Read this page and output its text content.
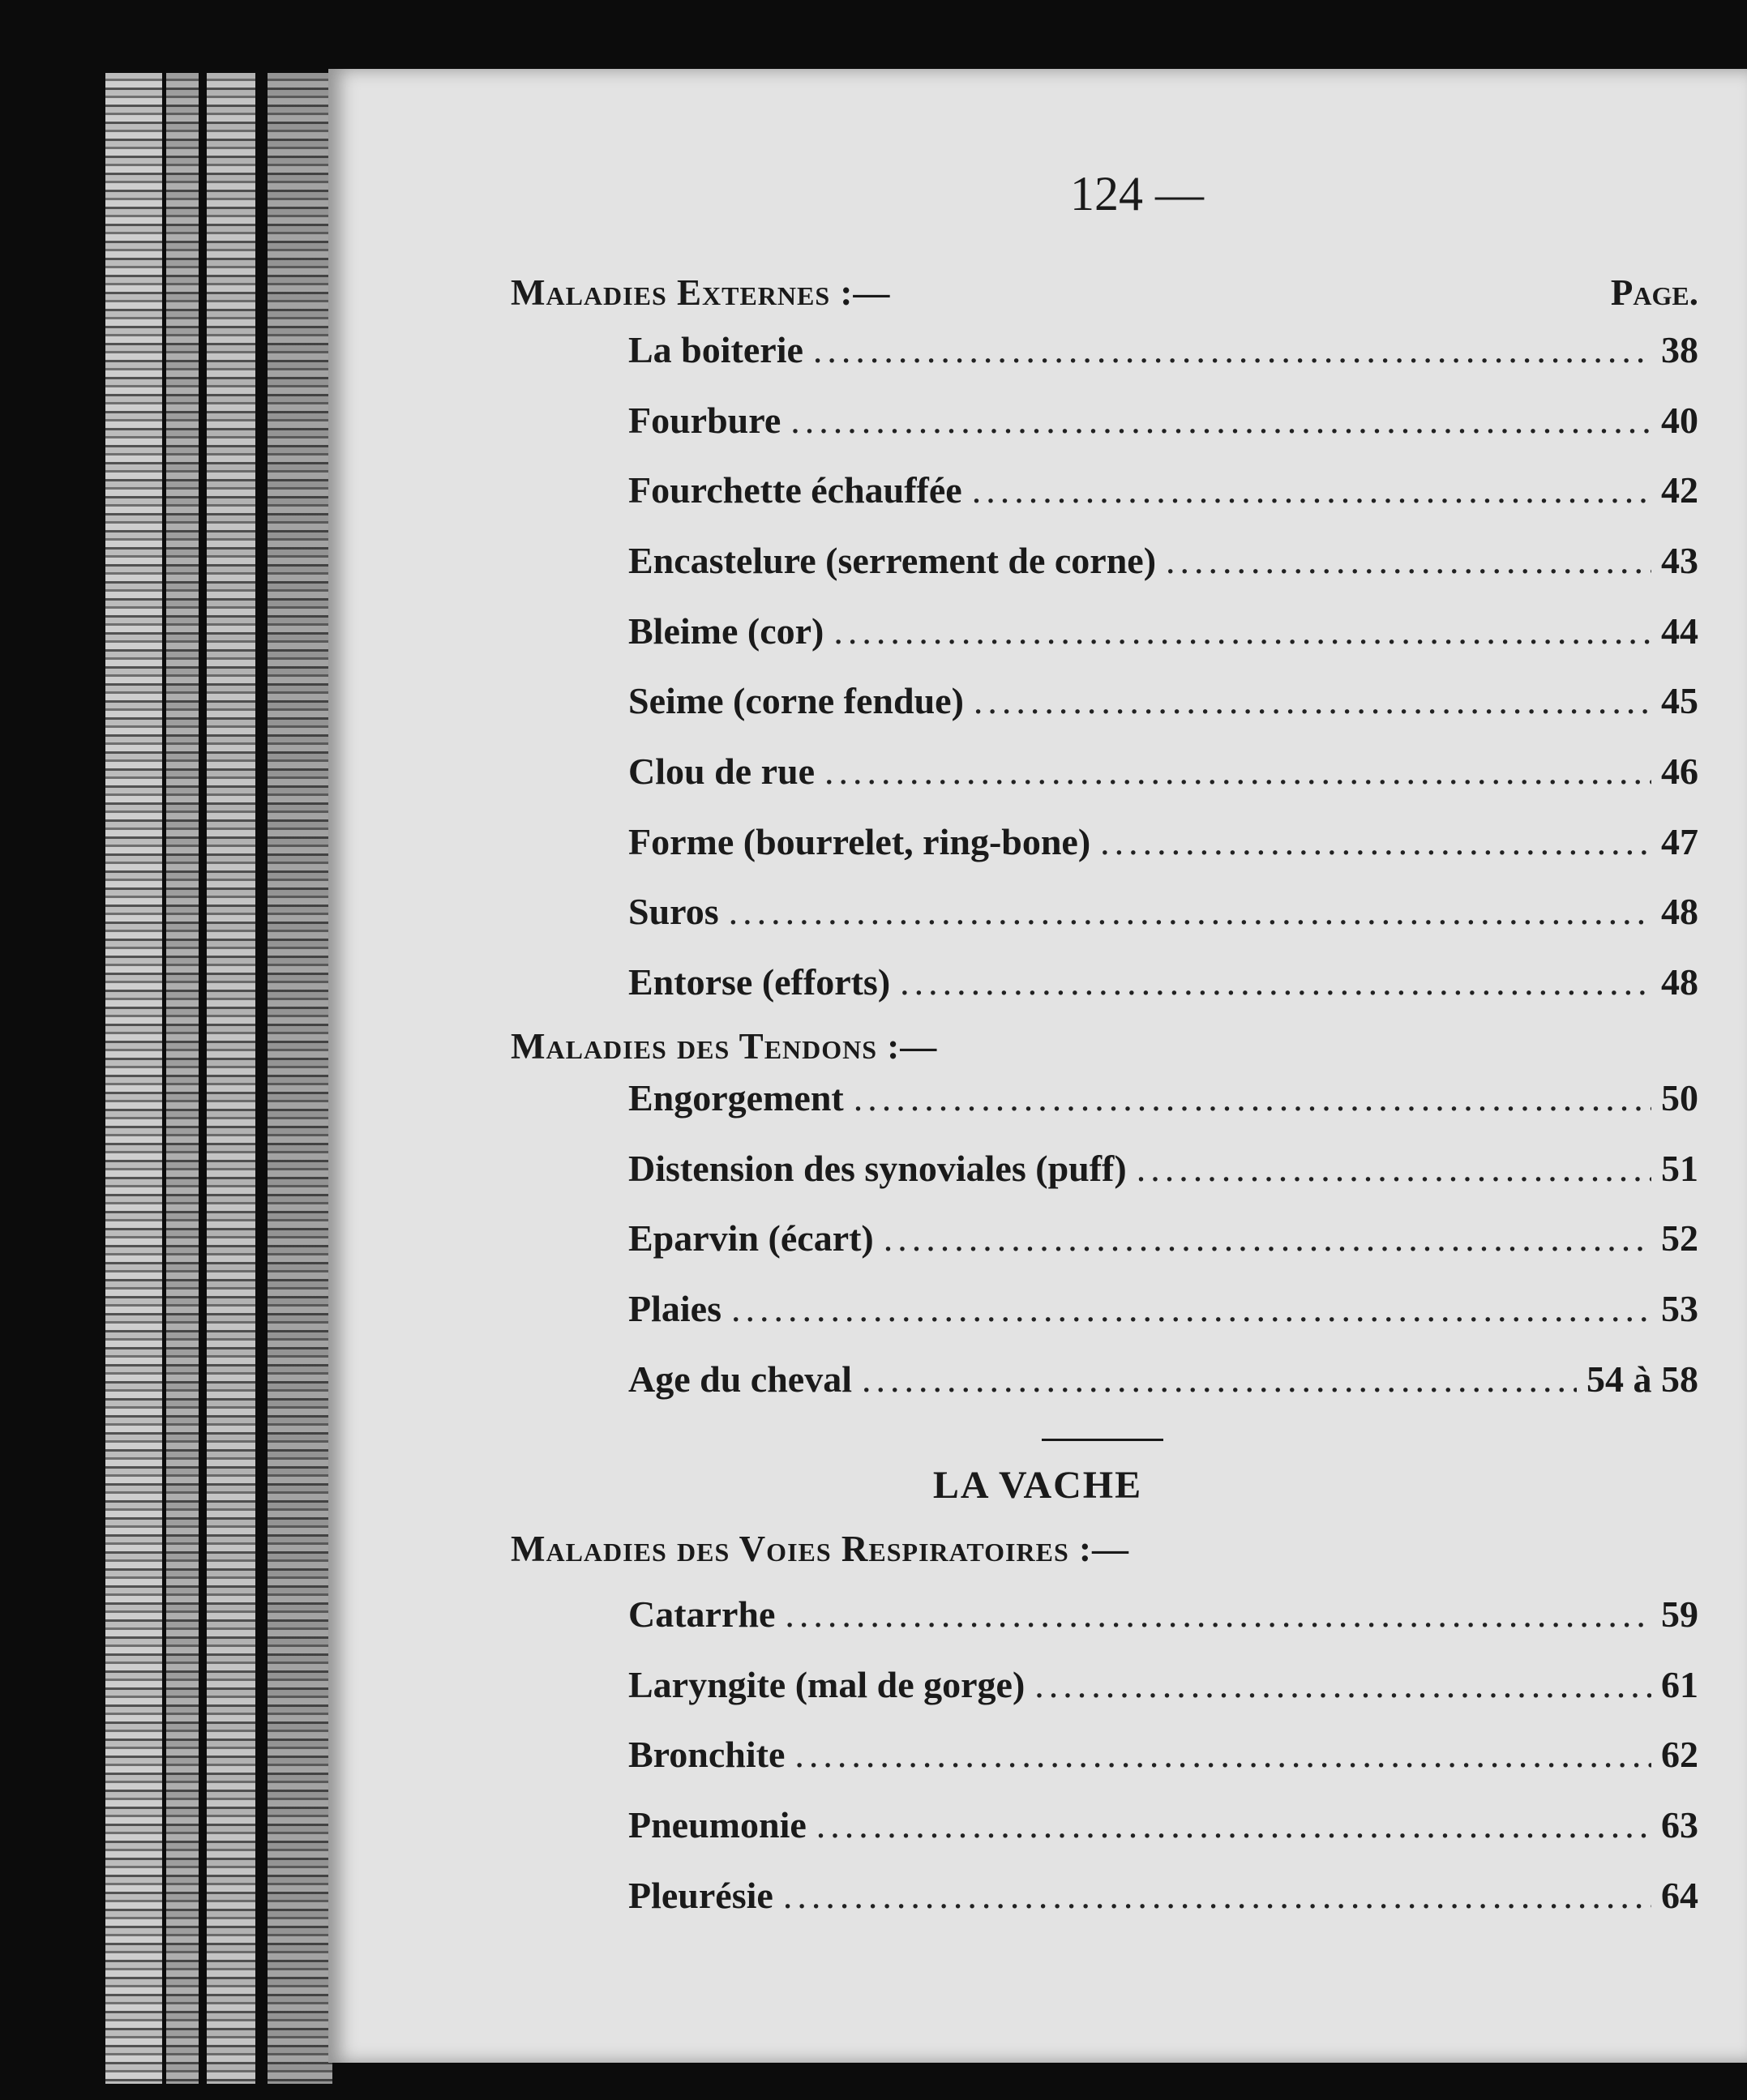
124 —
Maladies Externes :—	Page.
La boiterie .....	38
Fourbure .....	40
Fourchette échauffée .....	42
Encastelure (serrement de corne) .....	43
Bleime (cor) .....	44
Seime (corne fendue) .....	45
Clou de rue .....	46
Forme (bourrelet, ring-bone) .....	47
Suros .....	48
Entorse (efforts) .....	48
Maladies des Tendons :—
Engorgement .....	50
Distension des synoviales (puff) .....	51
Eparvin (écart) .....	52
Plaies .....	53
Age du cheval .....	54 à 58
LA VACHE
Maladies des Voies Respiratoires :—
Catarrhe .....	59
Laryngite (mal de gorge) .....	61
Bronchite .....	62
Pneumonie .....	63
Pleurésie .....	64
